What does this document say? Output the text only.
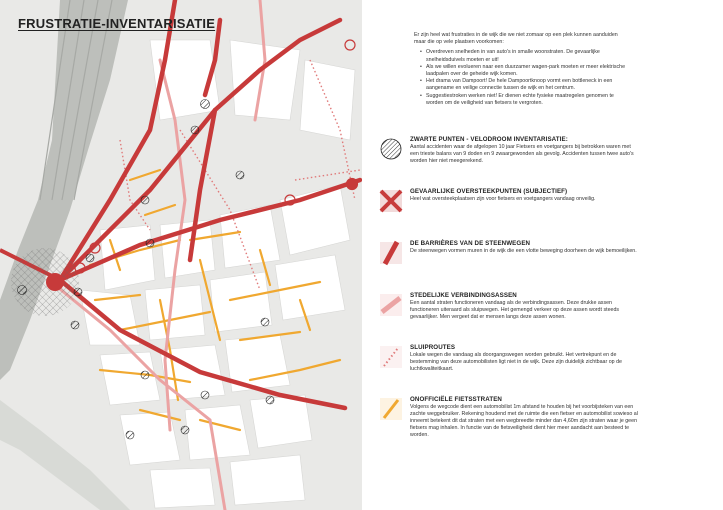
FRUSTRATIE-INVENTARISATIE

Er zijn heel wat frustraties in de wijk die we niet zomaar op een plek kunnen aanduiden maar die op vele plaatsen voorkomen:

• Overdreven snelheden in van auto's in smalle woonstraten. De gevaarlijke snelheidsduivels moeten er uit!
• Als we willen evolueren naar een duurzamer wagen-park moeten er meer elektrische laadpalen over de geheide wijk komen.
• Het drama van Dampoort! De hele Dampoortknoop vormt een bottleneck in een aangename en veilige connectie tussen de wijk en het centrum.
• Suggestiestroken werken niet! Er dienen echte fysieke maatregelen genomen te worden om de veiligheid van fietsers te vergroten.

ZWARTE PUNTEN - VELODROOM INVENTARISATIE:

Aantal accidenten waar de afgelopen 10 jaar Fietsers en voetgangers bij betrokken waren met een trieste balans van 9 doden en 9 zwaargewonden als gevolg. Accidenten tussen twee auto's worden hier niet meegerekend.

GEVAARLIJKE OVERSTEEKPUNTEN (SUBJECTIEF)

Heel wat oversteekplaatsen zijn voor fietsers en voetgangers vandaag onveilig.

DE BARRIÈRES VAN DE STEENWEGEN

De steenwegen vormen muren in de wijk die een vlotte beweging doorheen de wijk bemoeilijken.

STEDELIJKE VERBINDINGSASSEN

Een aantal straten functioneren vandaag als de verbindingsassen. Deze drukke assen functioneren uiteraard als sluipwegen. Het gemengd verkeer op deze assen wordt steeds gevaarlijker. Men vergeet dat er mensen langs deze assen wonen.

SLUIPROUTES

Lokale wegen die vandaag als doorgangswegen worden gebruikt. Het vertrekpunt en de bestemming van deze automobilisten ligt niet in de wijk. Deze zijn duidelijk zichtbaar op de luchtkwaliteitkaart.

ONOFFICIËLE FIETSSTRATEN

Volgens de wegcode dient een automobilist 1m afstand te houden bij het voorbijsteken van een zachte weggebruiker. Rekening houdend met de ruimte die een fietser en automobilist sowieso al inneemt betekent dit dat straten met een wegbreedte minder dan 4,60m zijn straten waar je geen fietsers mag inhalen. In functie van de fietsveiligheid dient hier meer aandacht aan besteed te worden.
